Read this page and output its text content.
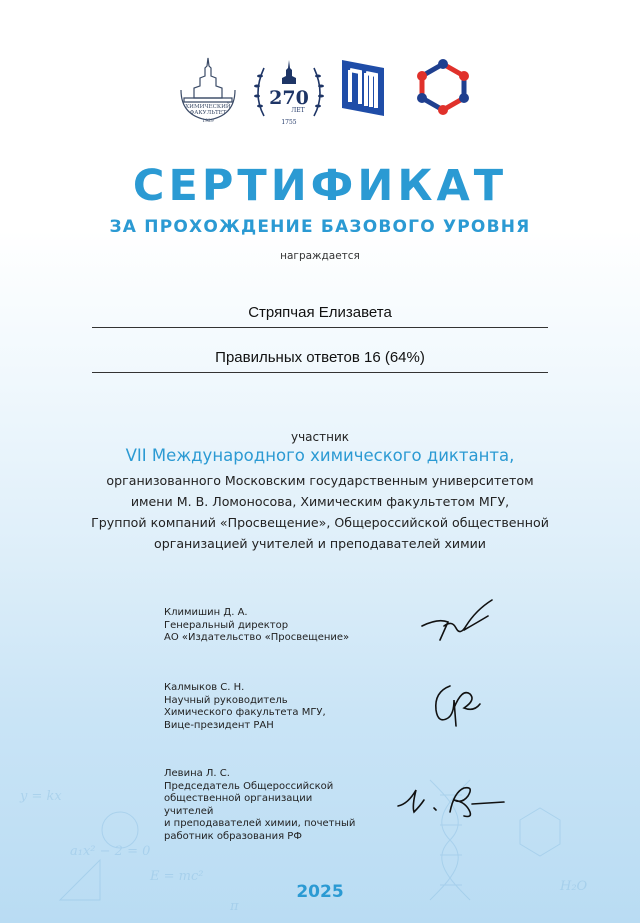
y = kx
E = mc²
a₁x² − 2 = 0
π
H₂O
ХИМИЧЕСКИЙ
ФАКУЛЬТЕТ
1929
270
ЛЕТ
1755
СЕРТИФИКАТ
ЗА ПРОХОЖДЕНИЕ БАЗОВОГО УРОВНЯ
награждается
Стряпчая Елизавета
Правильных ответов 16 (64%)
участник
VII Международного химического диктанта,
организованного Московским государственным университетом
имени М. В. Ломоносова, Химическим факультетом МГУ,
Группой компаний «Просвещение», Общероссийской общественной
организацией учителей и преподавателей химии
Климишин Д. А.
Генеральный директор
АО «Издательство «Просвещение»
Калмыков С. Н.
Научный руководитель
Химического факультета МГУ,
Вице-президент РАН
Левина Л. С.
Председатель Общероссийской
общественной организации учителей
и преподавателей химии, почетный
работник образования РФ
2025
